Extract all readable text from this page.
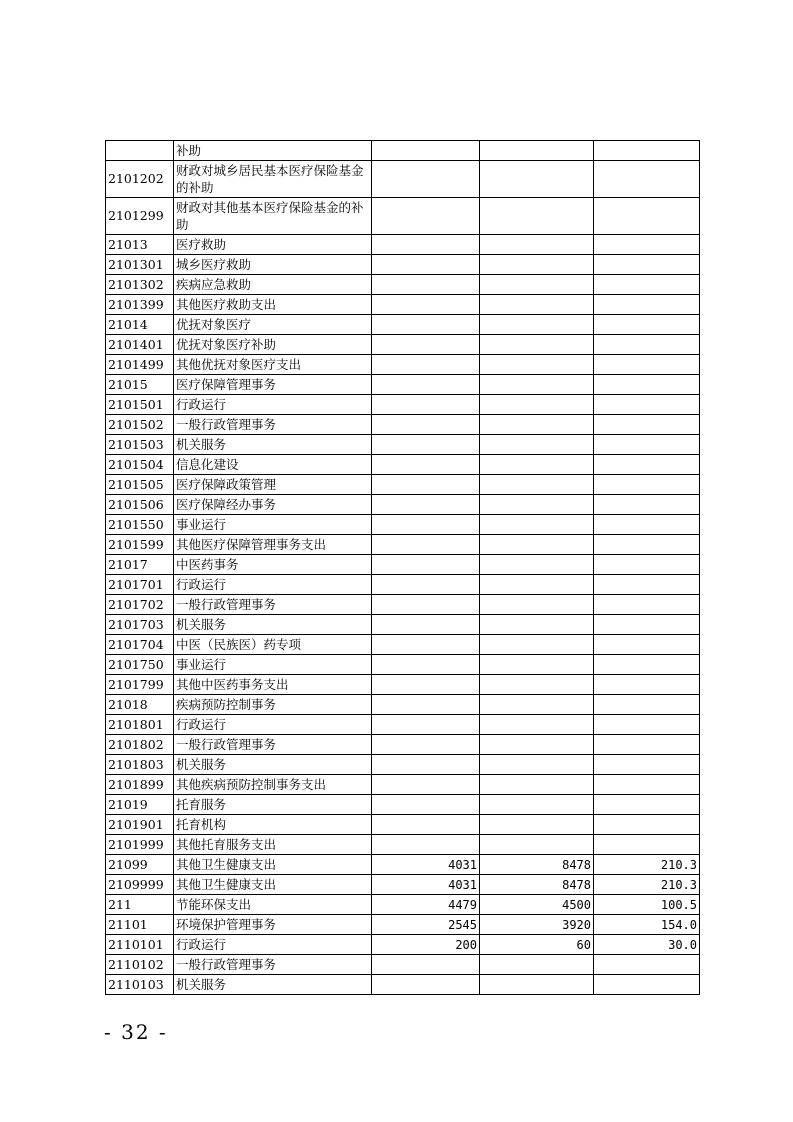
	补助			
2101202	财政对城乡居民基本医疗保险基金的补助			
2101299	财政对其他基本医疗保险基金的补助			
21013	医疗救助			
2101301	城乡医疗救助			
2101302	疾病应急救助			
2101399	其他医疗救助支出			
21014	优抚对象医疗			
2101401	优抚对象医疗补助			
2101499	其他优抚对象医疗支出			
21015	医疗保障管理事务			
2101501	行政运行			
2101502	一般行政管理事务			
2101503	机关服务			
2101504	信息化建设			
2101505	医疗保障政策管理			
2101506	医疗保障经办事务			
2101550	事业运行			
2101599	其他医疗保障管理事务支出			
21017	中医药事务			
2101701	行政运行			
2101702	一般行政管理事务			
2101703	机关服务			
2101704	中医（民族医）药专项			
2101750	事业运行			
2101799	其他中医药事务支出			
21018	疾病预防控制事务			
2101801	行政运行			
2101802	一般行政管理事务			
2101803	机关服务			
2101899	其他疾病预防控制事务支出			
21019	托育服务			
2101901	托育机构			
2101999	其他托育服务支出			
21099	其他卫生健康支出	4031	8478	210.3
2109999	其他卫生健康支出	4031	8478	210.3
211	节能环保支出	4479	4500	100.5
21101	环境保护管理事务	2545	3920	154.0
2110101	行政运行	200	60	30.0
2110102	一般行政管理事务			
2110103	机关服务			
- 32 -
